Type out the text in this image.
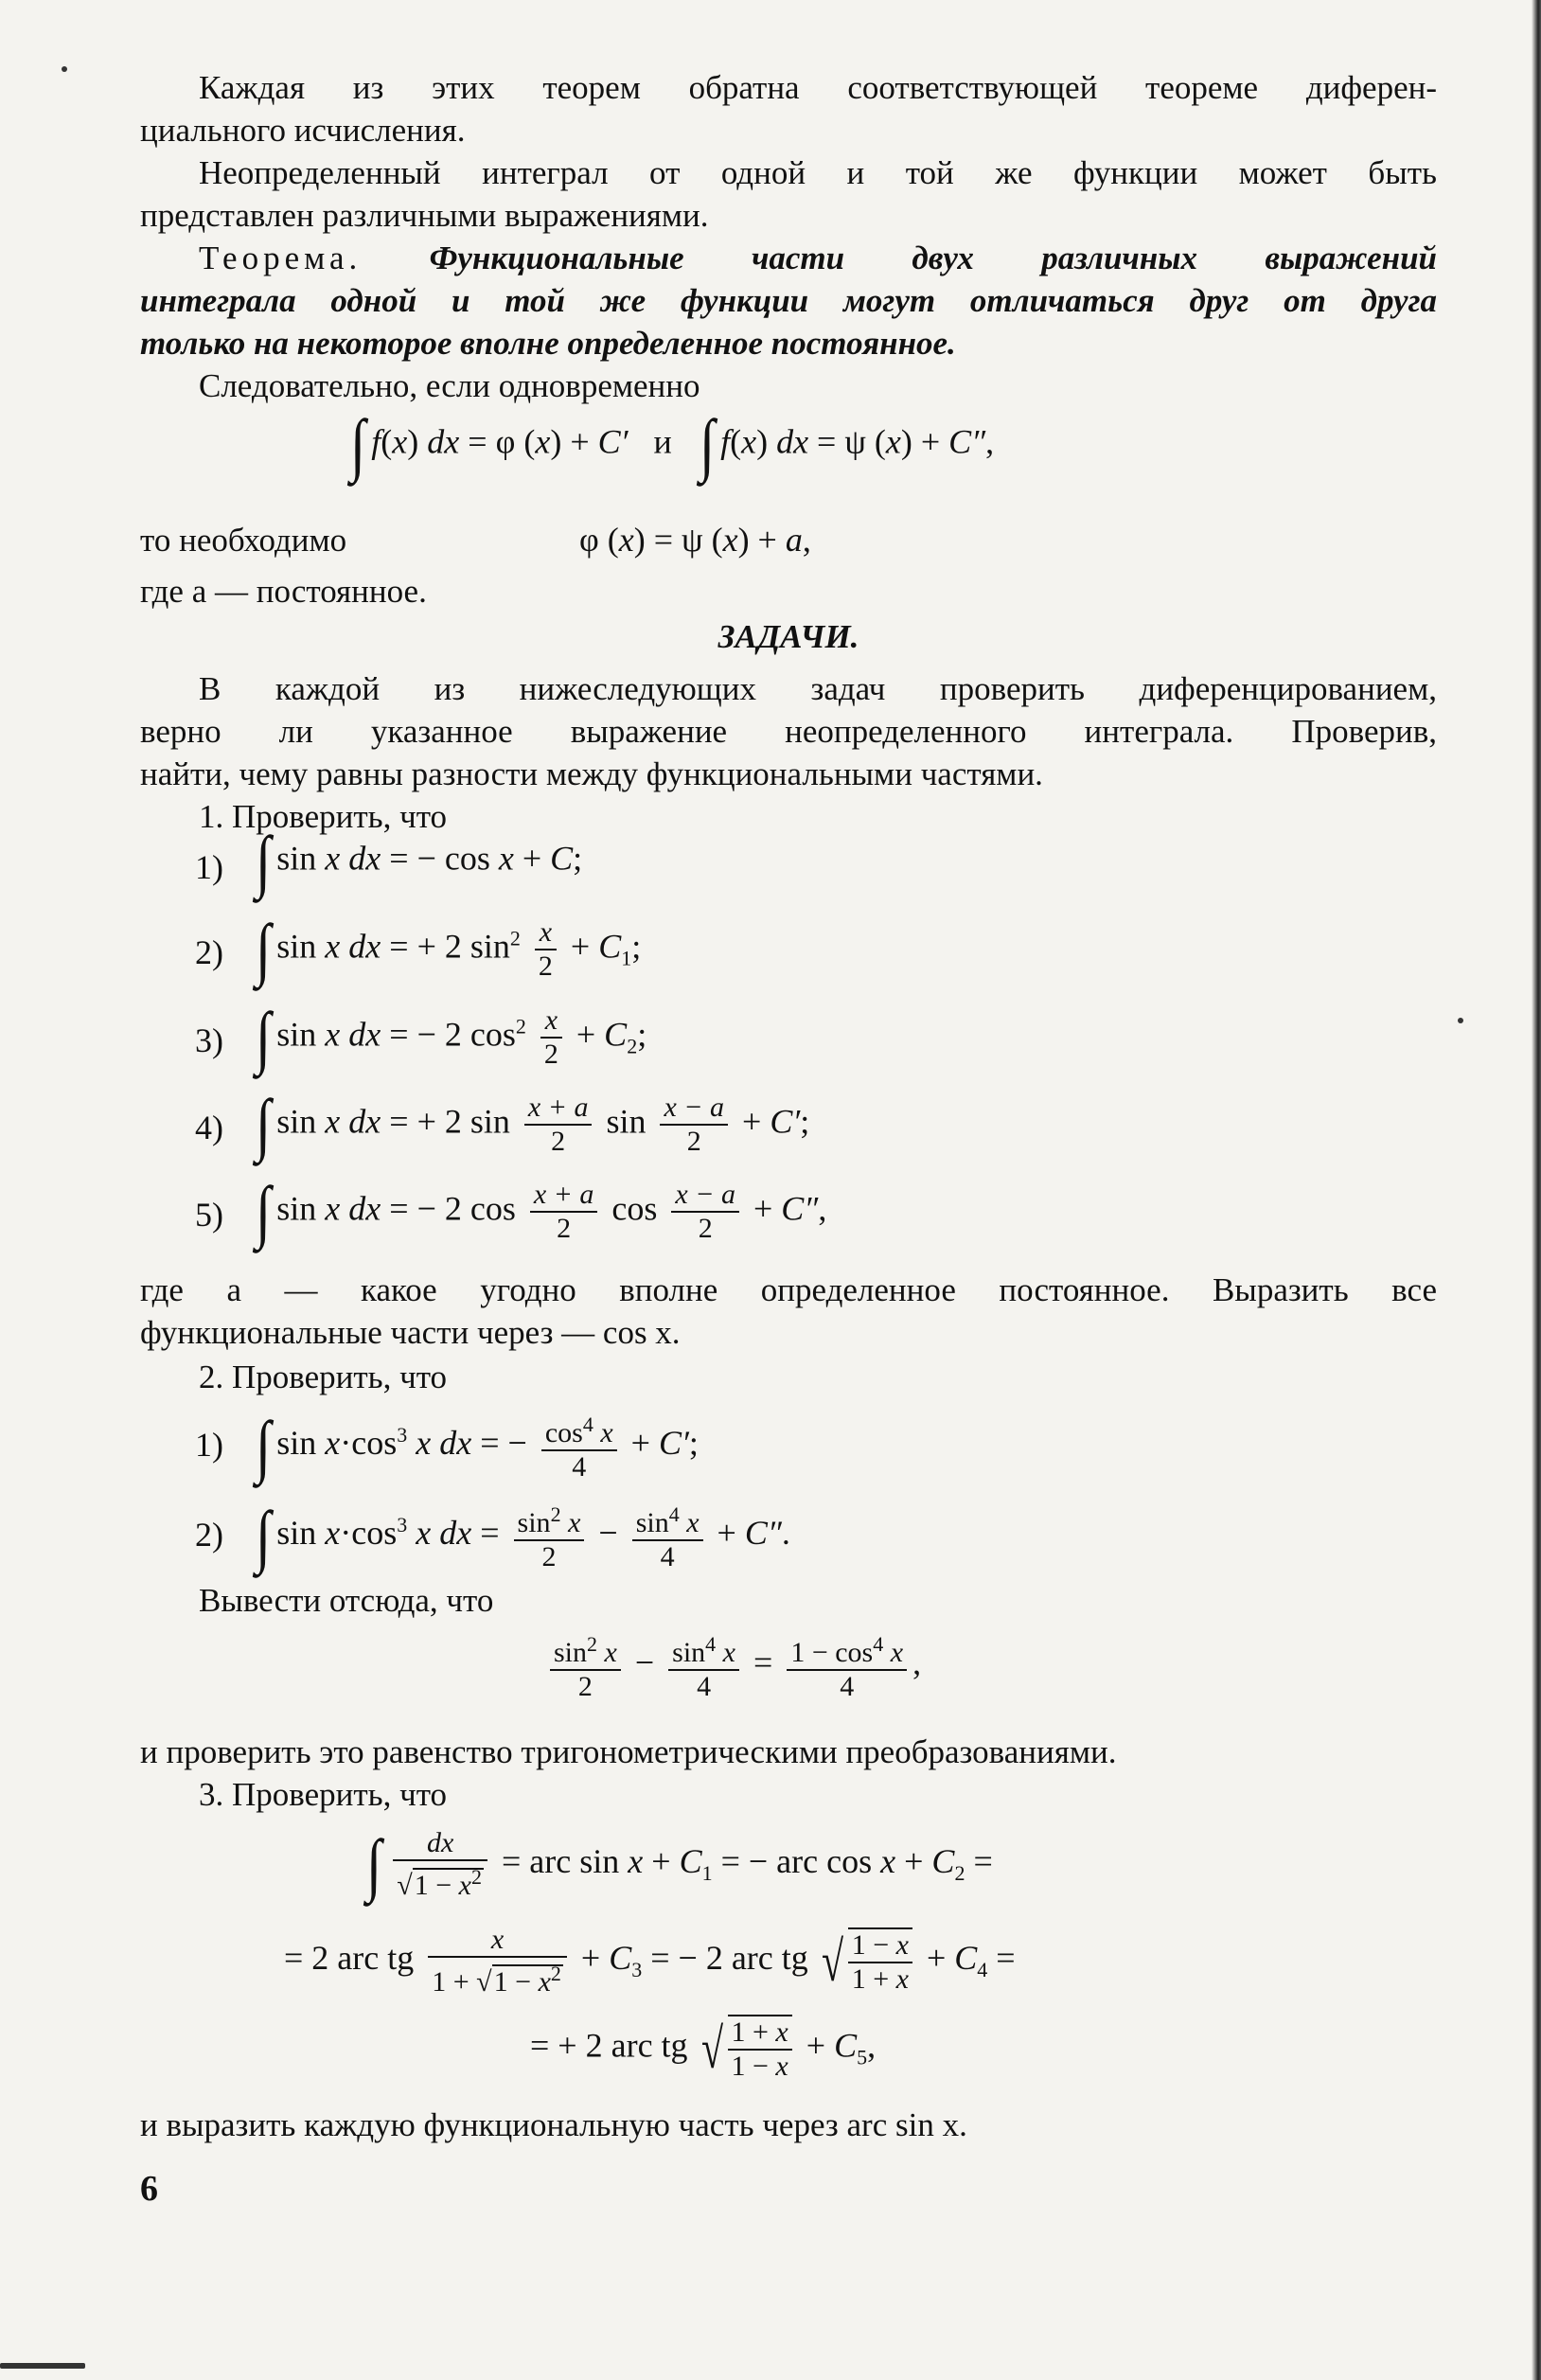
Каждая из этих теорем обратна соответствующей теореме диферен-
циального исчисления.
Неопределенный интеграл от одной и той же функции может быть
представлен различными выражениями.
Теорема. Функциональные части двух различных выражений
интеграла одной и той же функции могут отличаться друг от друга
только на некоторое вполне определенное постоянное.
Следовательно, если одновременно
∫ f(x) dx = φ (x) + C′ и ∫ f(x) dx = ψ (x) + C″,
то необходимо	φ (x) = ψ (x) + a,
где a — постоянное.
ЗАДАЧИ.
В каждой из нижеследующих задач проверить диференцированием,
верно ли указанное выражение неопределенного интеграла. Проверив,
найти, чему равны разности между функциональными частями.
1. Проверить, что
1) ∫ sin x dx = − cos x + C;
2) ∫ sin x dx = + 2 $\sin^2 \frac{x}{2} + C_1$;
3) ∫ sin x dx = − 2 $\cos^2 \frac{x}{2} + C_2$;
4) ∫ sin x dx = + 2 $\sin \frac{x + a}{2}$ $\sin \frac{x - a}{2} + C'$;
5) ∫ sin x dx = − 2 $\cos \frac{x + a}{2}$ $\cos \frac{x - a}{2} + C''$,
где a — какое угодно вполне определенное постоянное. Выразить все
функциональные части через — cos x.
2. Проверить, что
1) ∫ $\sin x\cdot\cos^3$ x dx = − $\frac{\cos^4 x}{4} + C'$;
2) ∫ $\sin x\cdot\cos^3$ x dx = $\frac{\sin^2 x}{2} - \frac{\sin^4 x}{4} + C''$.
Вывести отсюда, что
$\frac{\sin^2 x}{2} - \frac{\sin^4 x}{4} = \frac{1 - \cos^4 x}{4}$ ,
и проверить это равенство тригонометрическими преобразованиями.
3. Проверить, что
∫ $\frac{dx}{√1 - x^2}$ = arc $\sin x + C_1$ = − arc $\cos x + C_2$ =
= 2 arc tg $\frac{x}{1 + √1 - x^2} + C_3$ = − 2 arc tg √ $\frac{1 - x}{1 + x} + C_4$ =
= + 2 arc tg √ $\frac{1 + x}{1 - x} + C_5$,
и выразить каждую функциональную часть через arc sin x.
6
